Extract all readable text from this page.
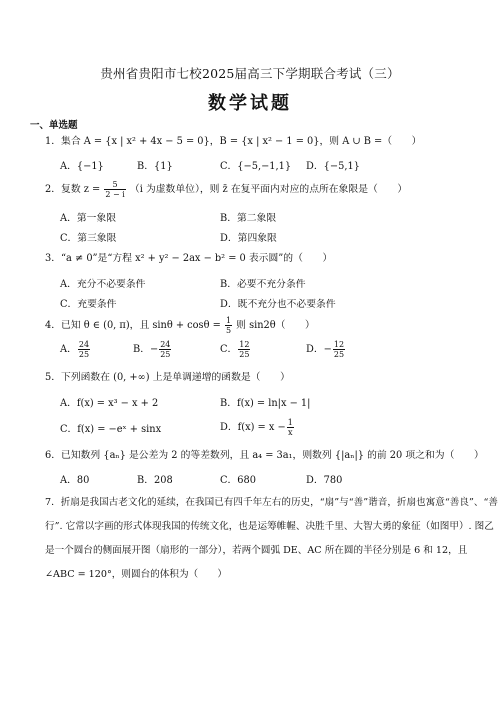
贵州省贵阳市七校2025届高三下学期联合考试（三）
数学试题
一、单选题
1．集合 A = {x | x² + 4x − 5 = 0}，B = {x | x² − 1 = 0}，则 A ∪ B =（　　）
A．{−1}	B．{1}	C．{−5,−1,1} D．{−5,1}
2．复数 $z = \frac{5}{2 - i} (i$ 为虚数单位），则 z̄ 在复平面内对应的点所在象限是（　　）
A．第一象限	B．第二象限
C．第三象限	D．第四象限
3．“a ≠ 0”是“方程 x² + y² − 2ax − b² = 0 表示圆”的（　　）
A．充分不必要条件	B．必要不充分条件
C．充要条件	D．既不充分也不必要条件
4．已知 θ ∈ (0, π)，且 $\sin\theta + \cos\theta = \frac{1}{5}$ 则 sin2θ（　　）
A． $\frac{24}{25}$	B．− $\frac{24}{25}$	C． $\frac{12}{25}$	D．− $\frac{12}{25}$
5．下列函数在 (0, +∞) 上是单调递增的函数是（　　）
A．f(x) = x³ − x + 2	B．f(x) = ln|x − 1|
C．f(x) = −eˣ + sinx	D．$f(x) = x - \frac{1}{x}$
6．已知数列 {aₙ} 是公差为 2 的等差数列，且 a₄ = 3a₁，则数列 {|aₙ|} 的前 20 项之和为（　　）
A．80	B．208	C．680	D．780
7．折扇是我国古老文化的延续，在我国已有四千年左右的历史，“扇”与“善”谐音，折扇也寓意“善良”、“善
行”. 它常以字画的形式体现我国的传统文化，也是运筹帷幄、决胜千里、大智大勇的象征（如图甲）. 图乙
是一个圆台的侧面展开图（扇形的一部分），若两个圆弧 DE、AC 所在圆的半径分别是 6 和 12，且
∠ABC = 120°，则圆台的体积为（　　）
